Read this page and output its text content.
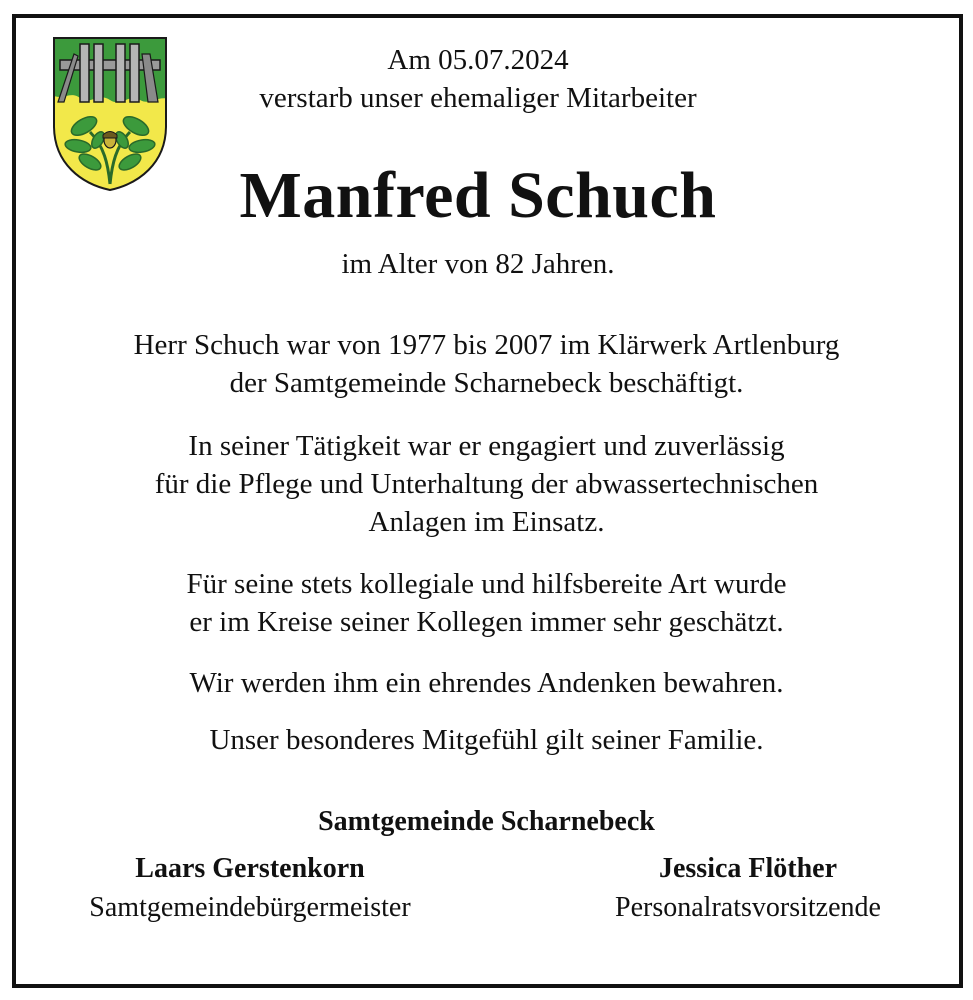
Am 05.07.2024
verstarb unser ehemaliger Mitarbeiter
Manfred Schuch
im Alter von 82 Jahren.
Herr Schuch war von 1977 bis 2007 im Klärwerk Artlenburg
der Samtgemeinde Scharnebeck beschäftigt.
In seiner Tätigkeit war er engagiert und zuverlässig
für die Pflege und Unterhaltung der abwassertechnischen
Anlagen im Einsatz.
Für seine stets kollegiale und hilfsbereite Art wurde
er im Kreise seiner Kollegen immer sehr geschätzt.
Wir werden ihm ein ehrendes Andenken bewahren.
Unser besonderes Mitgefühl gilt seiner Familie.
Samtgemeinde Scharnebeck
Laars Gerstenkorn
Samtgemeindebürgermeister
Jessica Flöther
Personalratsvorsitzende
